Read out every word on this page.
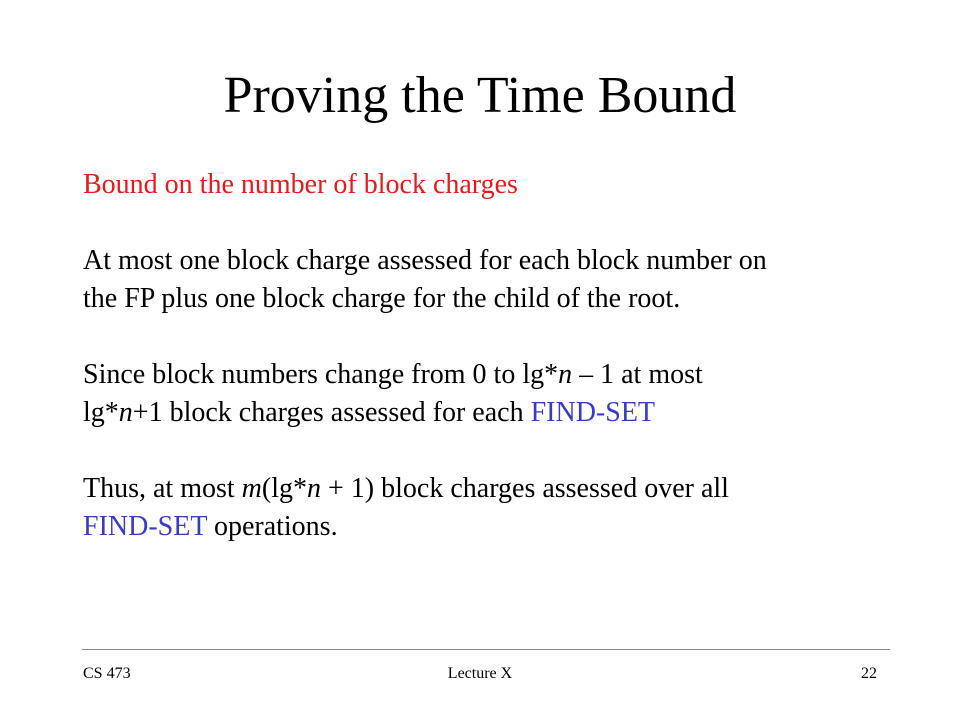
Proving the Time Bound

Bound on the number of block charges

At most one block charge assessed for each block number on

the FP plus one block charge for the child of the root.

Since block numbers change from 0 to lg*n – 1 at most

lg*n+1 block charges assessed for each FIND-SET

Thus, at most m(lg*n + 1) block charges assessed over all

FIND-SET operations.

CS 473	Lecture X	22
